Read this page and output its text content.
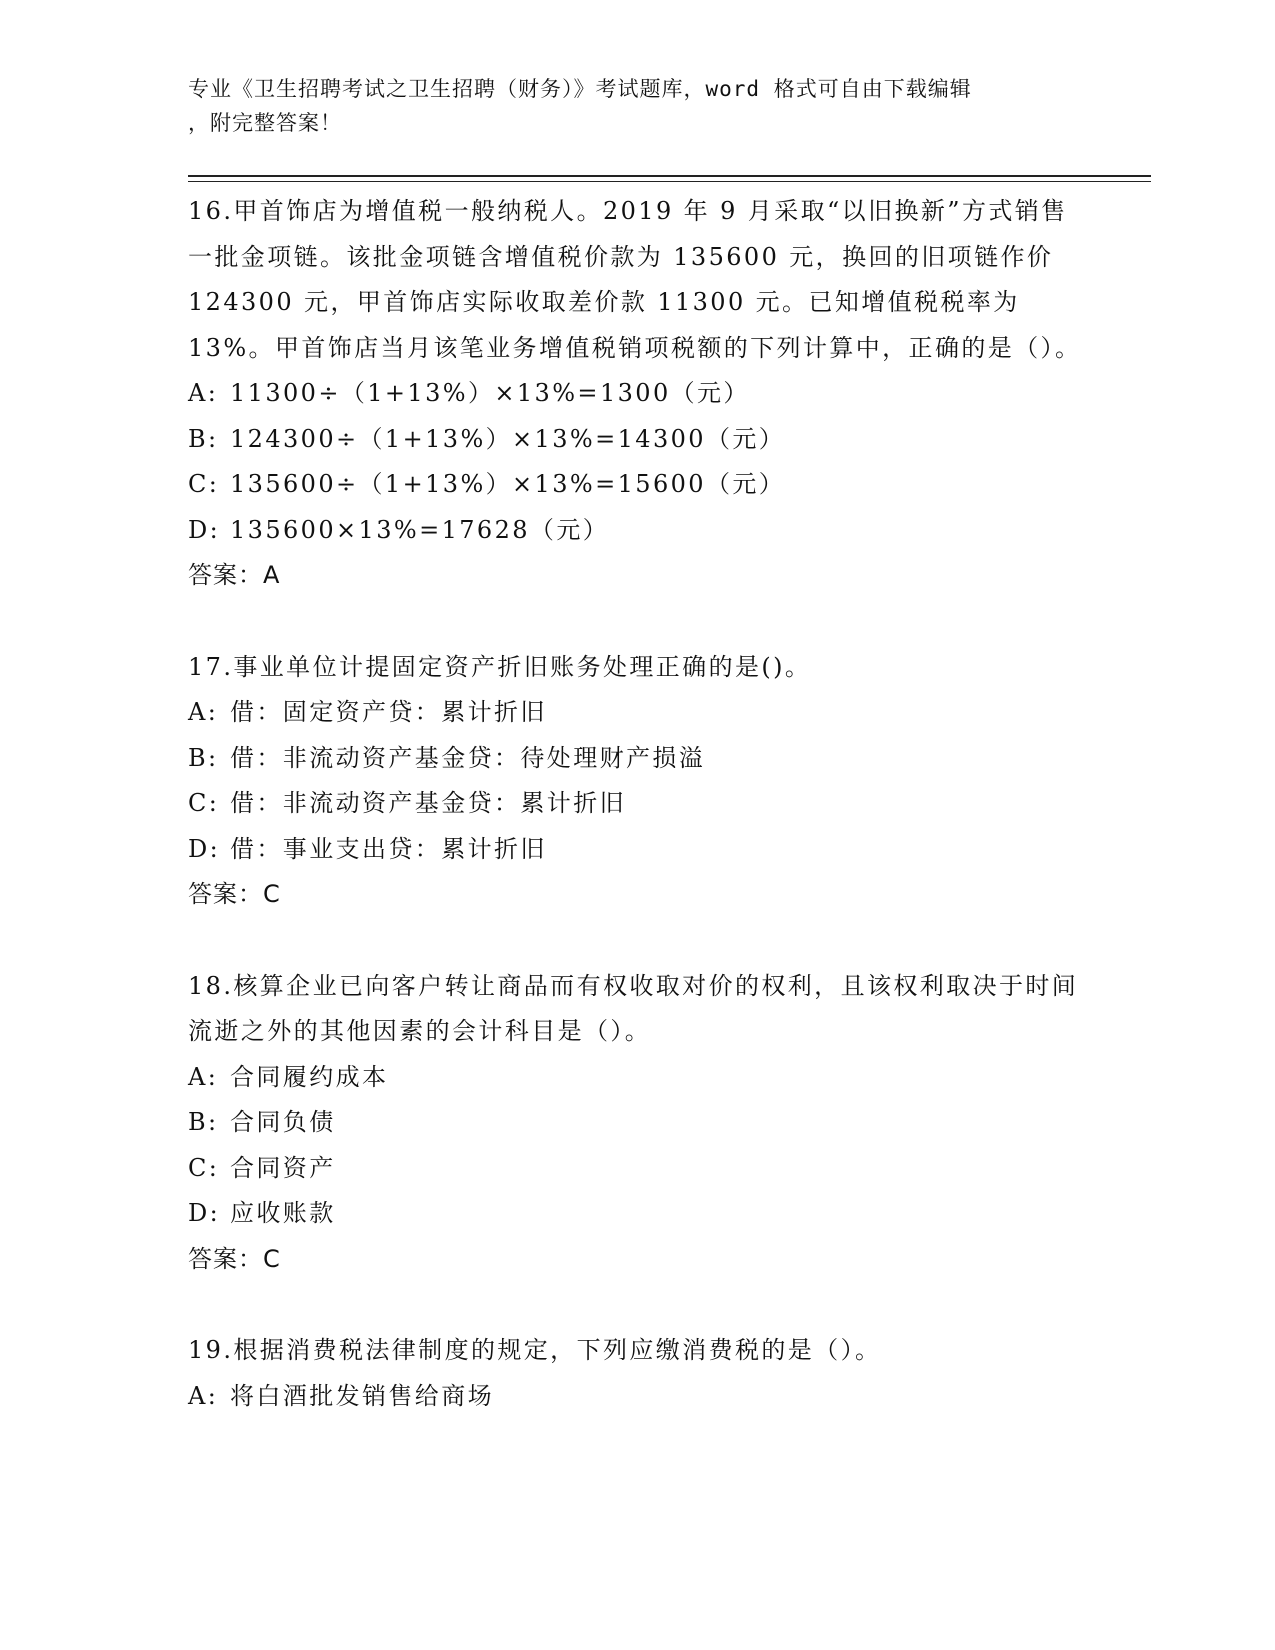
专业《卫生招聘考试之卫生招聘（财务）》考试题库，word 格式可自由下载编辑
，附完整答案！
16.甲首饰店为增值税一般纳税人。2019 年 9 月采取“以旧换新”方式销售一批金项链。该批金项链含增值税价款为 135600 元，换回的旧项链作价 124300 元，甲首饰店实际收取差价款 11300 元。已知增值税税率为 13%。甲首饰店当月该笔业务增值税销项税额的下列计算中，正确的是（）。
A: 11300÷（1+13%）×13%=1300（元）
B: 124300÷（1+13%）×13%=14300（元）
C: 135600÷（1+13%）×13%=15600（元）
D: 135600×13%=17628（元）
答案：A
17.事业单位计提固定资产折旧账务处理正确的是()。
A: 借：固定资产贷：累计折旧
B: 借：非流动资产基金贷：待处理财产损溢
C: 借：非流动资产基金贷：累计折旧
D: 借：事业支出贷：累计折旧
答案：C
18.核算企业已向客户转让商品而有权收取对价的权利，且该权利取决于时间流逝之外的其他因素的会计科目是（）。
A: 合同履约成本
B: 合同负债
C: 合同资产
D: 应收账款
答案：C
19.根据消费税法律制度的规定，下列应缴消费税的是（）。
A: 将白酒批发销售给商场
